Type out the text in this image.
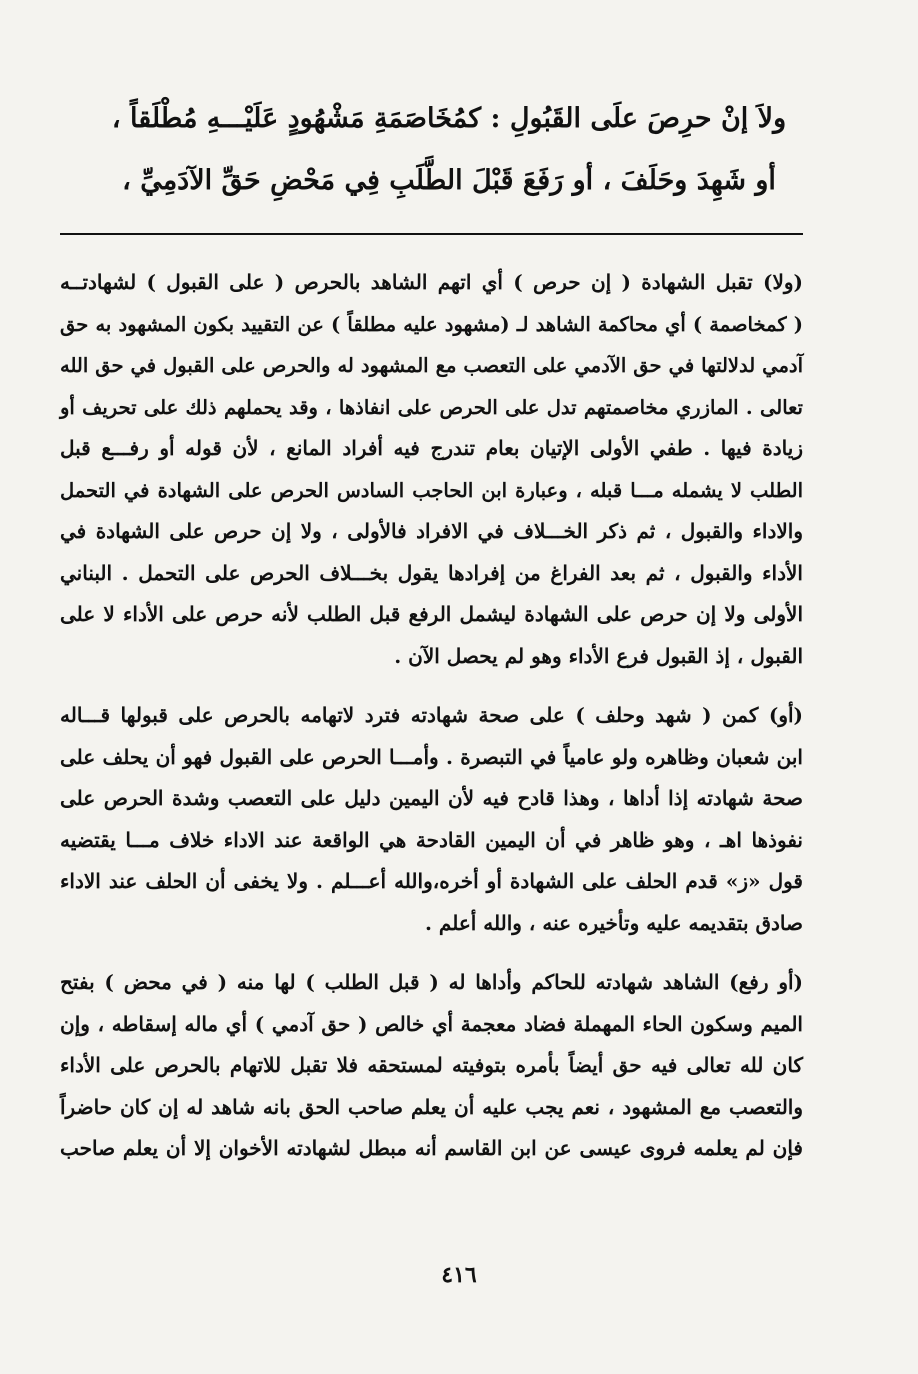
ولاَ إنْ حرِصَ علَى القَبُولِ : كمُخَاصَمَةِ مَشْهُودٍ عَلَيْـــهِ مُطْلَقاً ،
أو شَهِدَ وحَلَفَ ، أو رَفَعَ قَبْلَ الطَّلَبِ فِي مَحْضِ حَقِّ الآدَمِيِّ ،

(ولا) تقبل الشهادة ( إن حرص ) أي اتهم الشاهد بالحرص ( على القبول ) لشهادتــه
( كمخاصمة ) أي محاكمة الشاهد لـ (مشهود عليه مطلقاً ) عن التقييد بكون المشهود به حق
آدمي لدلالتها في حق الآدمي على التعصب مع المشهود له والحرص على القبول في حق الله
تعالى . المازري مخاصمتهم تدل على الحرص على انفاذها ، وقد يحملهم ذلك على تحريف أو
زيادة فيها . طفي الأولى الإتيان بعام تندرج فيه أفراد المانع ، لأن قوله أو رفـــع قبل
الطلب لا يشمله مـــا قبله ، وعبارة ابن الحاجب السادس الحرص على الشهادة في التحمل
والاداء والقبول ، ثم ذكر الخـــلاف في الافراد فالأولى ، ولا إن حرص على الشهادة في
الأداء والقبول ، ثم بعد الفراغ من إفرادها يقول بخـــلاف الحرص على التحمل . البناني
الأولى ولا إن حرص على الشهادة ليشمل الرفع قبل الطلب لأنه حرص على الأداء لا على
القبول ، إذ القبول فرع الأداء وهو لم يحصل الآن .

(أو) كمن ( شهد وحلف ) على صحة شهادته فترد لاتهامه بالحرص على قبولها قـــاله
ابن شعبان وظاهره ولو عامياً في التبصرة . وأمـــا الحرص على القبول فهو أن يحلف على
صحة شهادته إذا أداها ، وهذا قادح فيه لأن اليمين دليل على التعصب وشدة الحرص على
نفوذها اهـ ، وهو ظاهر في أن اليمين القادحة هي الواقعة عند الاداء خلاف مـــا يقتضيه
قول «ز» قدم الحلف على الشهادة أو أخره،والله أعـــلم . ولا يخفى أن الحلف عند الاداء
صادق بتقديمه عليه وتأخيره عنه ، والله أعلم .

(أو رفع) الشاهد شهادته للحاكم وأداها له ( قبل الطلب ) لها منه ( في محض ) بفتح
الميم وسكون الحاء المهملة فضاد معجمة أي خالص ( حق آدمي ) أي ماله إسقاطه ، وإن
كان لله تعالى فيه حق أيضاً بأمره بتوفيته لمستحقه فلا تقبل للاتهام بالحرص على الأداء
والتعصب مع المشهود ، نعم يجب عليه أن يعلم صاحب الحق بانه شاهد له إن كان حاضراً
فإن لم يعلمه فروى عيسى عن ابن القاسم أنه مبطل لشهادته الأخوان إلا أن يعلم صاحب

٤١٦
